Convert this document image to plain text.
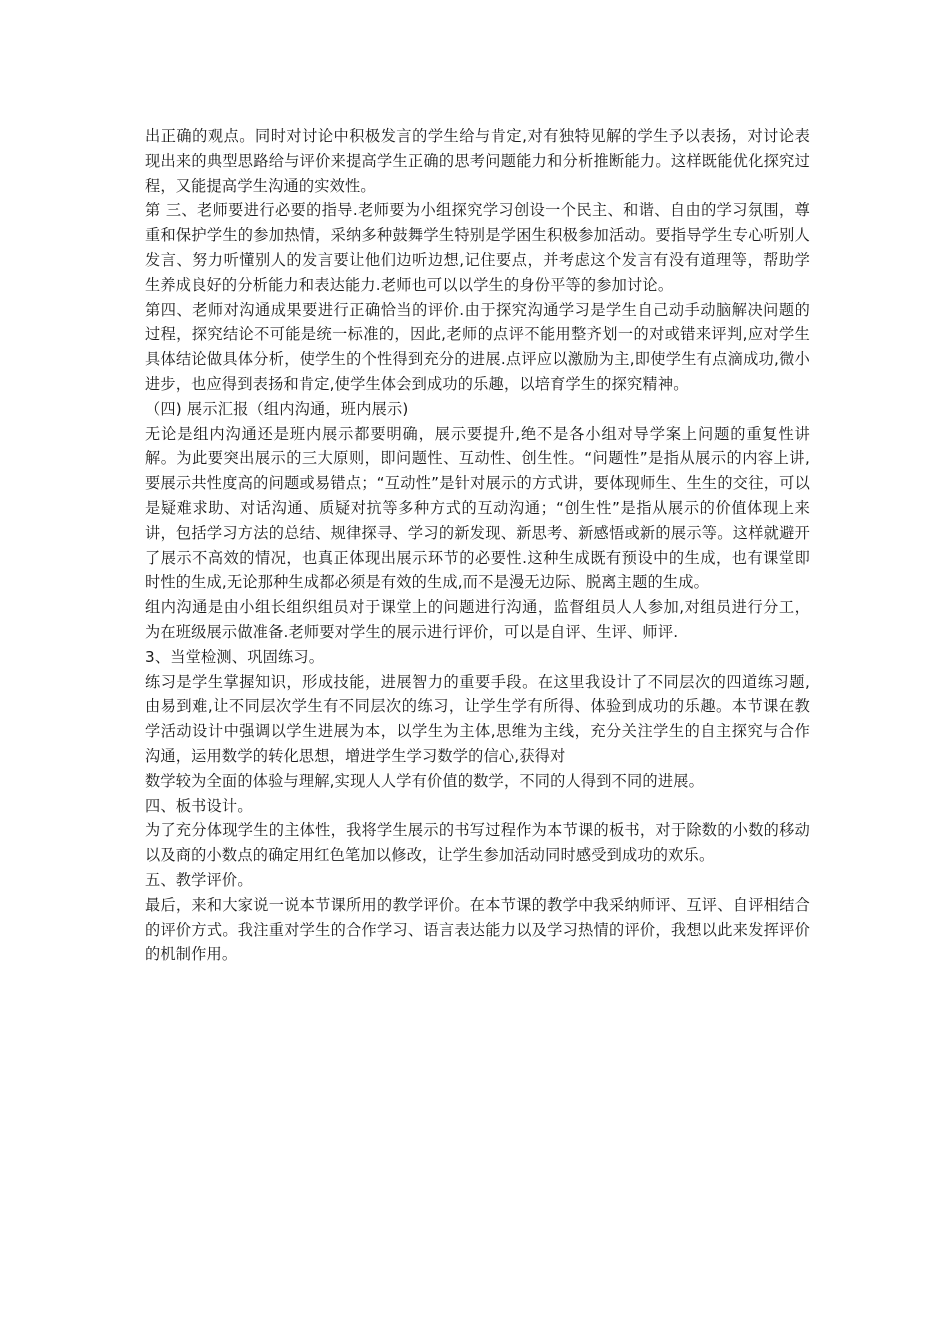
出正确的观点。同时对讨论中积极发言的学生给与肯定,对有独特见解的学生予以表扬，对讨论表现出来的典型思路给与评价来提高学生正确的思考问题能力和分析推断能力。这样既能优化探究过程，又能提高学生沟通的实效性。

第 三、老师要进行必要的指导.老师要为小组探究学习创设一个民主、和谐、自由的学习氛围，尊重和保护学生的参加热情，采纳多种鼓舞学生特别是学困生积极参加活动。要指导学生专心听别人发言、努力听懂别人的发言要让他们边听边想,记住要点，并考虑这个发言有没有道理等，帮助学生养成良好的分析能力和表达能力.老师也可以以学生的身份平等的参加讨论。

第四、老师对沟通成果要进行正确恰当的评价.由于探究沟通学习是学生自己动手动脑解决问题的过程，探究结论不可能是统一标准的，因此,老师的点评不能用整齐划一的对或错来评判,应对学生具体结论做具体分析，使学生的个性得到充分的进展.点评应以激励为主,即使学生有点滴成功,微小进步，也应得到表扬和肯定,使学生体会到成功的乐趣，以培育学生的探究精神。

（四) 展示汇报（组内沟通，班内展示)

无论是组内沟通还是班内展示都要明确，展示要提升,绝不是各小组对导学案上问题的重复性讲解。为此要突出展示的三大原则，即问题性、互动性、创生性。“问题性”是指从展示的内容上讲,要展示共性度高的问题或易错点；“互动性”是针对展示的方式讲，要体现师生、生生的交往，可以是疑难求助、对话沟通、质疑对抗等多种方式的互动沟通；“创生性”是指从展示的价值体现上来讲，包括学习方法的总结、规律探寻、学习的新发现、新思考、新感悟或新的展示等。这样就避开了展示不高效的情况，也真正体现出展示环节的必要性.这种生成既有预设中的生成，也有课堂即时性的生成,无论那种生成都必须是有效的生成,而不是漫无边际、脱离主题的生成。

组内沟通是由小组长组织组员对于课堂上的问题进行沟通，监督组员人人参加,对组员进行分工，为在班级展示做准备.老师要对学生的展示进行评价，可以是自评、生评、师评.

3、当堂检测、巩固练习。

练习是学生掌握知识，形成技能，进展智力的重要手段。在这里我设计了不同层次的四道练习题,由易到难,让不同层次学生有不同层次的练习，让学生学有所得、体验到成功的乐趣。本节课在教学活动设计中强调以学生进展为本，以学生为主体,思维为主线，充分关注学生的自主探究与合作沟通，运用数学的转化思想，增进学生学习数学的信心,获得对

数学较为全面的体验与理解,实现人人学有价值的数学，不同的人得到不同的进展。

四、板书设计。

为了充分体现学生的主体性，我将学生展示的书写过程作为本节课的板书，对于除数的小数的移动以及商的小数点的确定用红色笔加以修改，让学生参加活动同时感受到成功的欢乐。

五、教学评价。

最后，来和大家说一说本节课所用的教学评价。在本节课的教学中我采纳师评、互评、自评相结合的评价方式。我注重对学生的合作学习、语言表达能力以及学习热情的评价，我想以此来发挥评价的机制作用。
